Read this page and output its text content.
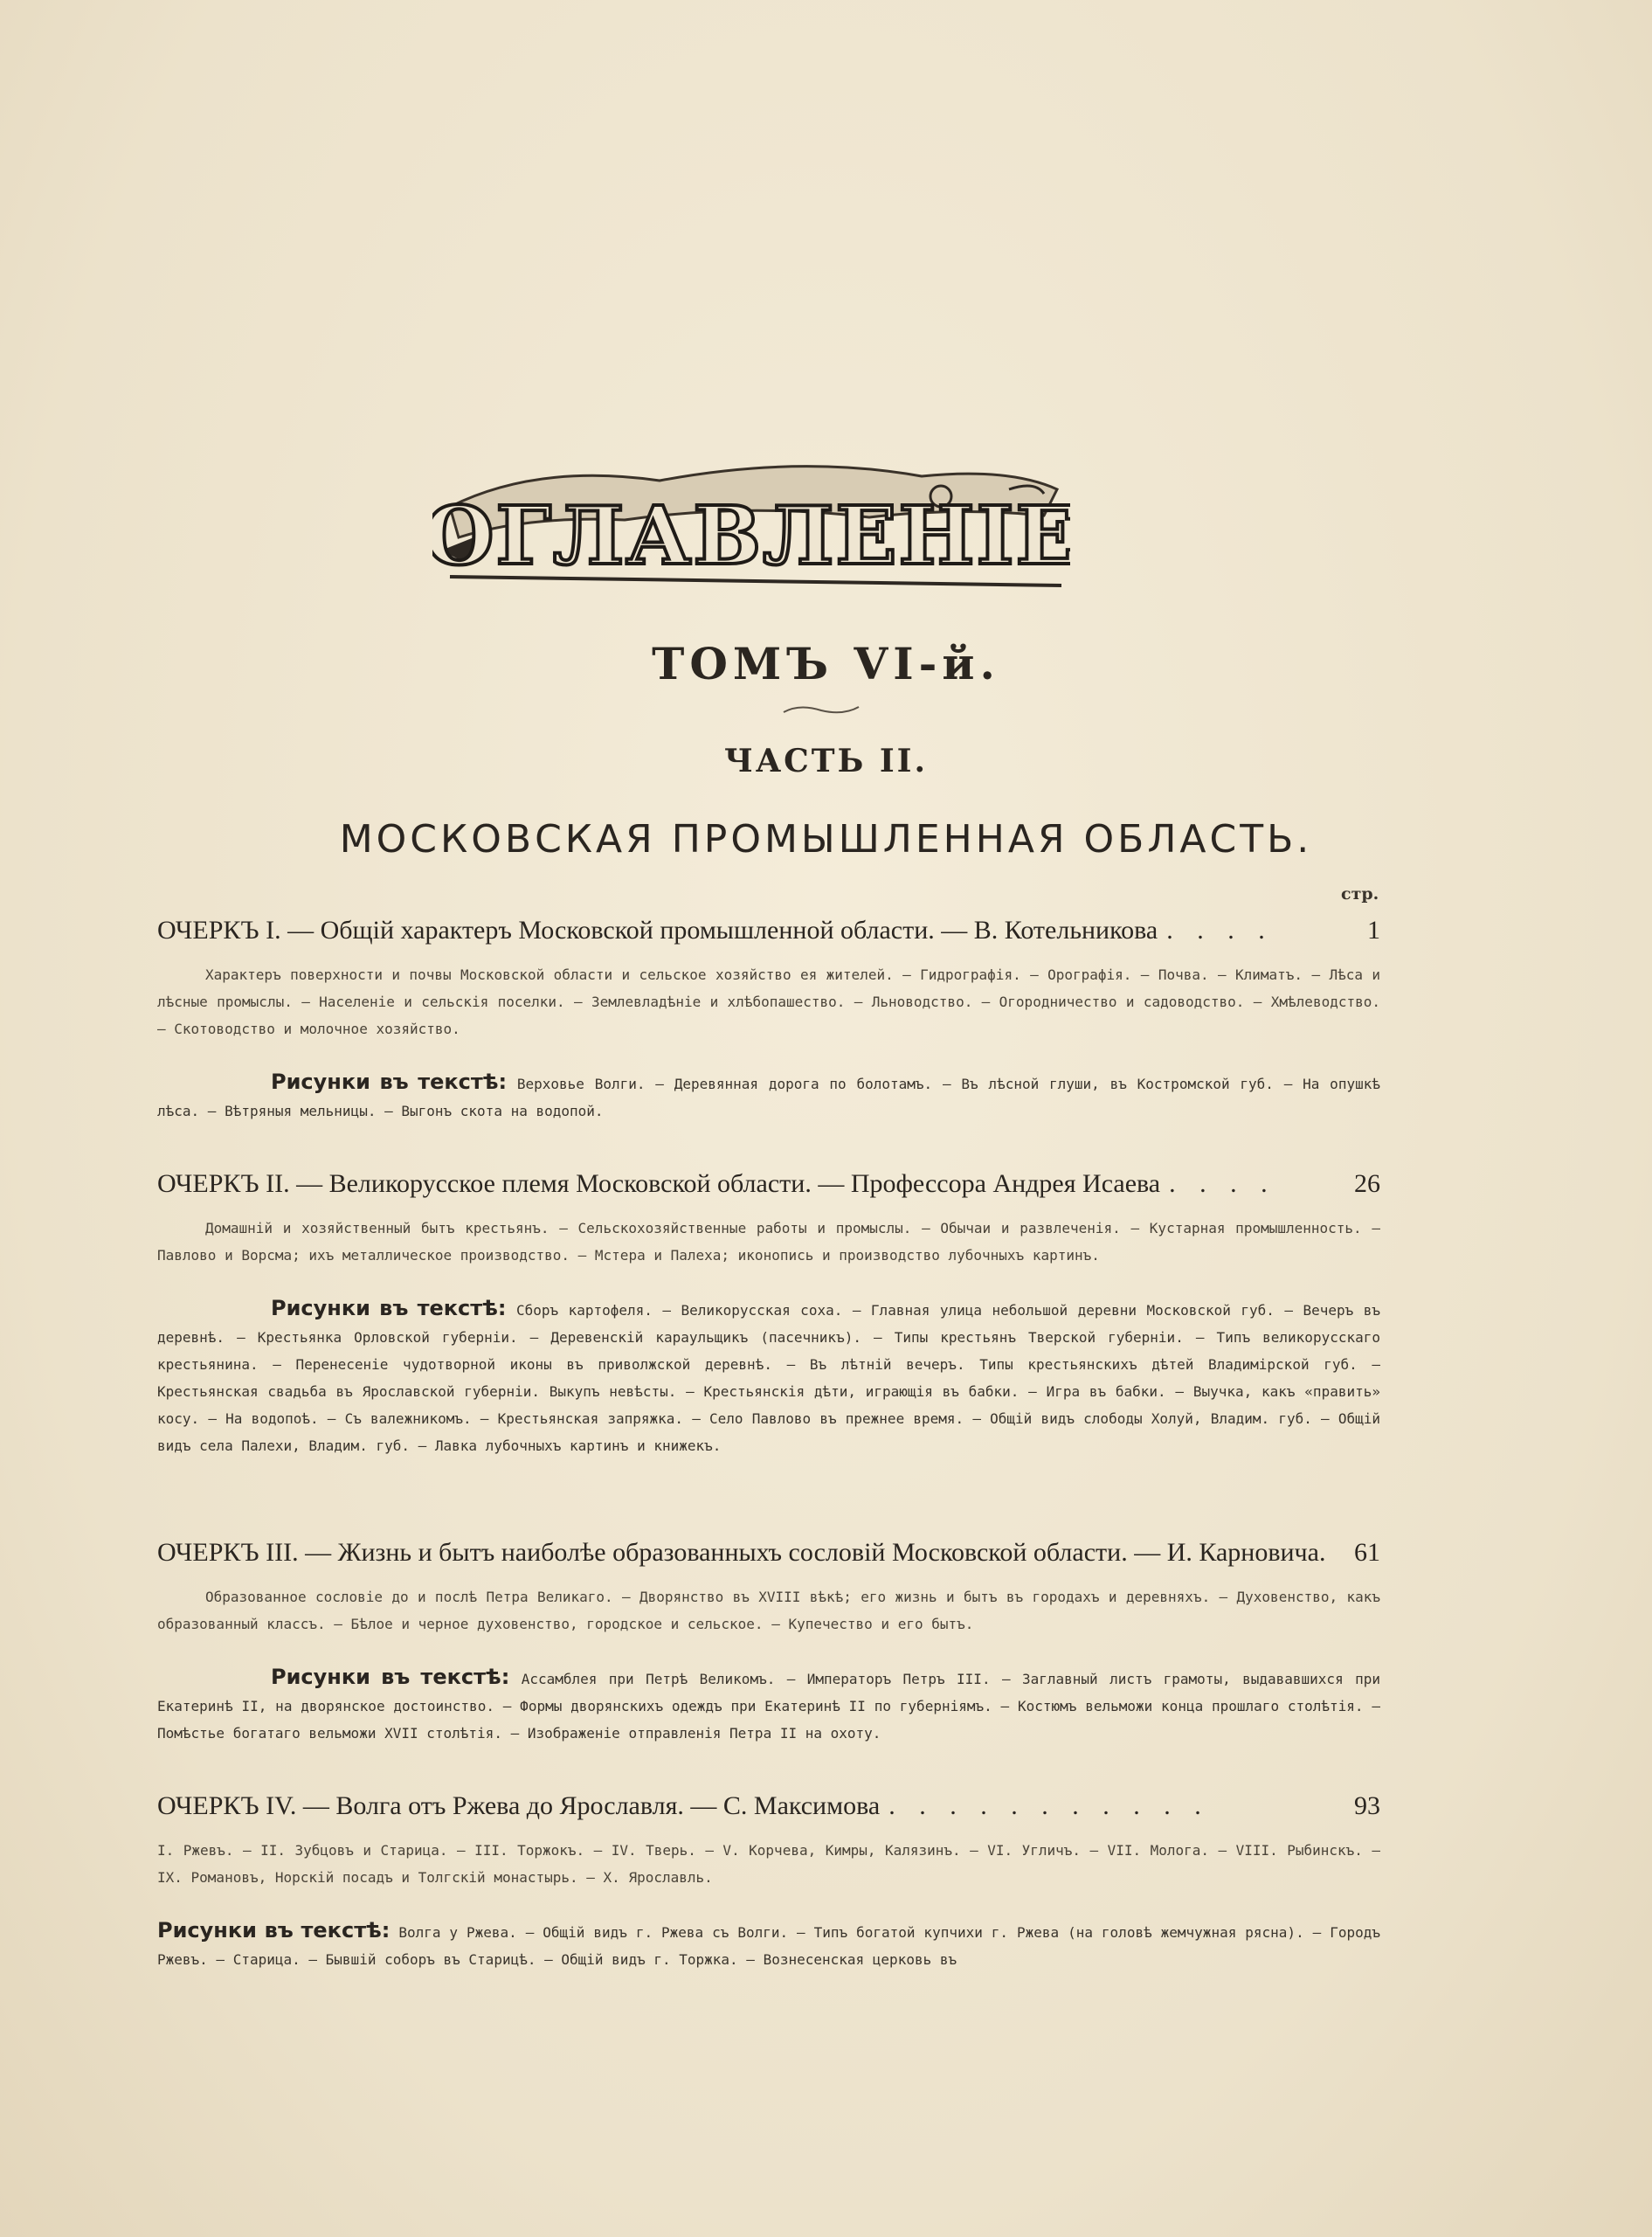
ОГЛАВЛЕНІЕ
ТОМЪ VI-й.
ЧАСТЬ II.
МОСКОВСКАЯ ПРОМЫШЛЕННАЯ ОБЛАСТЬ.
стр.
ОЧЕРКЪ I. — Общій характеръ Московской промышленной области. — В. Котельникова . . . .	1
Характеръ поверхности и почвы Московской области и сельское хозяйство ея жителей. — Гидрографія. — Орографія. — Почва. — Климатъ. — Лѣса и лѣсные промыслы. — Населеніе и сельскія поселки. — Землевладѣніе и хлѣбопашество. — Льноводство. — Огородничество и садоводство. — Хмѣлеводство. — Скотоводство и молочное хозяйство.
Рисунки въ текстѣ: Верховье Волги. — Деревянная дорога по болотамъ. — Въ лѣсной глуши, въ Костромской губ. — На опушкѣ лѣса. — Вѣтряныя мельницы. — Выгонъ скота на водопой.
ОЧЕРКЪ II. — Великорусское племя Московской области. — Профессора Андрея Исаева . . . .	26
Домашній и хозяйственный бытъ крестьянъ. — Сельскохозяйственные работы и промыслы. — Обычаи и развлеченія. — Кустарная промышленность. — Павлово и Ворсма; ихъ металлическое производство. — Мстера и Палеха; иконопись и производство лубочныхъ картинъ.
Рисунки въ текстѣ: Сборъ картофеля. — Великорусская соха. — Главная улица небольшой деревни Московской губ. — Вечеръ въ деревнѣ. — Крестьянка Орловской губерніи. — Деревенскій караульщикъ (пасечникъ). — Типы крестьянъ Тверской губерніи. — Типъ великорусскаго крестьянина. — Перенесеніе чудотворной иконы въ приволжской деревнѣ. — Въ лѣтній вечеръ. Типы крестьянскихъ дѣтей Владимірской губ. — Крестьянская свадьба въ Ярославской губерніи. Выкупъ невѣсты. — Крестьянскія дѣти, играющія въ бабки. — Игра въ бабки. — Выучка, какъ «править» косу. — На водопоѣ. — Съ валежникомъ. — Крестьянская запряжка. — Село Павлово въ прежнее время. — Общій видъ слободы Холуй, Владим. губ. — Общій видъ села Палехи, Владим. губ. — Лавка лубочныхъ картинъ и книжекъ.
ОЧЕРКЪ III. — Жизнь и бытъ наиболѣе образованныхъ сословій Московской области. — И. Карновича.	61
Образованное сословіе до и послѣ Петра Великаго. — Дворянство въ XVIII вѣкѣ; его жизнь и бытъ въ городахъ и деревняхъ. — Духовенство, какъ образованный классъ. — Бѣлое и черное духовенство, городское и сельское. — Купечество и его бытъ.
Рисунки въ текстѣ: Ассамблея при Петрѣ Великомъ. — Императоръ Петръ III. — Заглавный листъ грамоты, выдававшихся при Екатеринѣ II, на дворянское достоинство. — Формы дворянскихъ одеждъ при Екатеринѣ II по губерніямъ. — Костюмъ вельможи конца прошлаго столѣтія. — Помѣстье богатаго вельможи XVII столѣтія. — Изображеніе отправленія Петра II на охоту.
ОЧЕРКЪ IV. — Волга отъ Ржева до Ярославля. — С. Максимова . . . . . . . . . . .	93
I. Ржевъ. — II. Зубцовъ и Старица. — III. Торжокъ. — IV. Тверь. — V. Корчева, Кимры, Калязинъ. — VI. Угличъ. — VII. Молога. — VIII. Рыбинскъ. — IX. Романовъ, Норскій посадъ и Толгскій монастырь. — X. Ярославль.
Рисунки въ текстѣ: Волга у Ржева. — Общій видъ г. Ржева съ Волги. — Типъ богатой купчихи г. Ржева (на головѣ жемчужная рясна). — Городъ Ржевъ. — Старица. — Бывшій соборъ въ Старицѣ. — Общій видъ г. Торжка. — Вознесенская церковь въ
